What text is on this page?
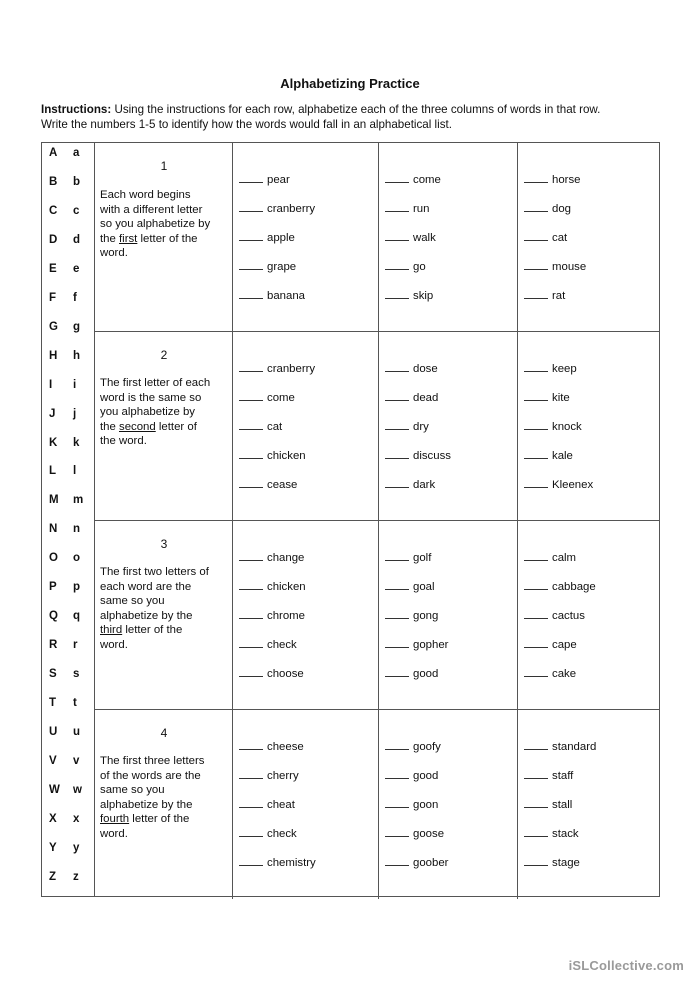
Alphabetizing Practice
Instructions: Using the instructions for each row, alphabetize each of the three columns of words in that row.
Write the numbers 1-5 to identify how the words would fall in an alphabetical list.
A a
B b
C c
D d
E e
F f
G g
H h
I i
J j
K k
L l
M m
N n
O o
P p
Q q
R r
S s
T t
U u
V v
W w
X x
Y y
Z z
1
Each word begins
with a different letter
so you alphabetize by
the first letter of the
word.
pear
cranberry
apple
grape
banana
come
run
walk
go
skip
horse
dog
cat
mouse
rat
2
The first letter of each
word is the same so
you alphabetize by
the second letter of
the word.
cranberry
come
cat
chicken
cease
dose
dead
dry
discuss
dark
keep
kite
knock
kale
Kleenex
3
The first two letters of
each word are the
same so you
alphabetize by the
third letter of the
word.
change
chicken
chrome
check
choose
golf
goal
gong
gopher
good
calm
cabbage
cactus
cape
cake
4
The first three letters
of the words are the
same so you
alphabetize by the
fourth letter of the
word.
cheese
cherry
cheat
check
chemistry
goofy
good
goon
goose
goober
standard
staff
stall
stack
stage
iSLCollective.com
